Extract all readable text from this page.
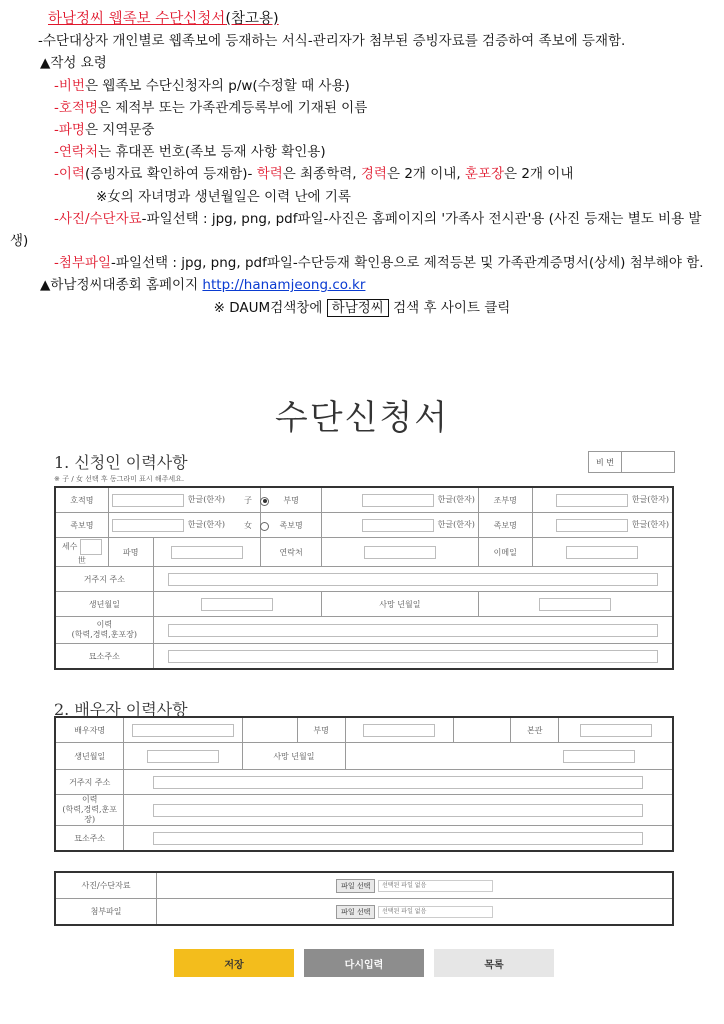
하남정씨 웹족보 수단신청서(참고용)

-수단대상자 개인별로 웹족보에 등재하는 서식-관리자가 첨부된 증빙자료를 검증하여 족보에 등재함.

▲작성 요령

-비번은 웹족보 수단신청자의 p/w(수정할 때 사용)

-호적명은 제적부 또는 가족관계등록부에 기재된 이름

-파명은 지역문중

-연락처는 휴대폰 번호(족보 등재 사항 확인용)

-이력(증빙자료 확인하여 등재함)- 학력은 최종학력, 경력은 2개 이내, 훈포장은 2개 이내

※女의 자녀명과 생년월일은 이력 난에 기록

-사진/수단자료-파일선택 : jpg, png, pdf파일-사진은 홈페이지의 '가족사 전시관'용 (사진 등재는 별도 비용 발생)

-첨부파일-파일선택 : jpg, png, pdf파일-수단등재 확인용으로 제적등본 및 가족관계증명서(상세) 첨부해야 함.

▲하남정씨대종회 홈페이지 http://hanamjeong.co.kr

※ DAUM검색창에 하남정씨 검색 후 사이트 클릭

수단신청서
1. 신청인 이력사항
※ 子 / 女 선택 후 동그라미 표시 해주세요.
비 번
호적명	한글(한자)		부명	한글(한자)	조부명	한글(한자)
족보명	한글(한자)		족보명	한글(한자)	족보명	한글(한자)
세수  世	파명		연락처		이메일	
거주지 주소						
생년월일				사망 년월일		
이력
(학력,경력,훈포장)						
묘소주소						
子
女
2. 배우자 이력사항
배우자명			부명			본관	
생년월일		사망 년월일					
거주지 주소							
이력
(학력,경력,훈포장)							
묘소주소							
사진/수단자료	파일 선택 선택된 파일 없음
첨부파일	파일 선택 선택된 파일 없음
저장	다시입력	목록
